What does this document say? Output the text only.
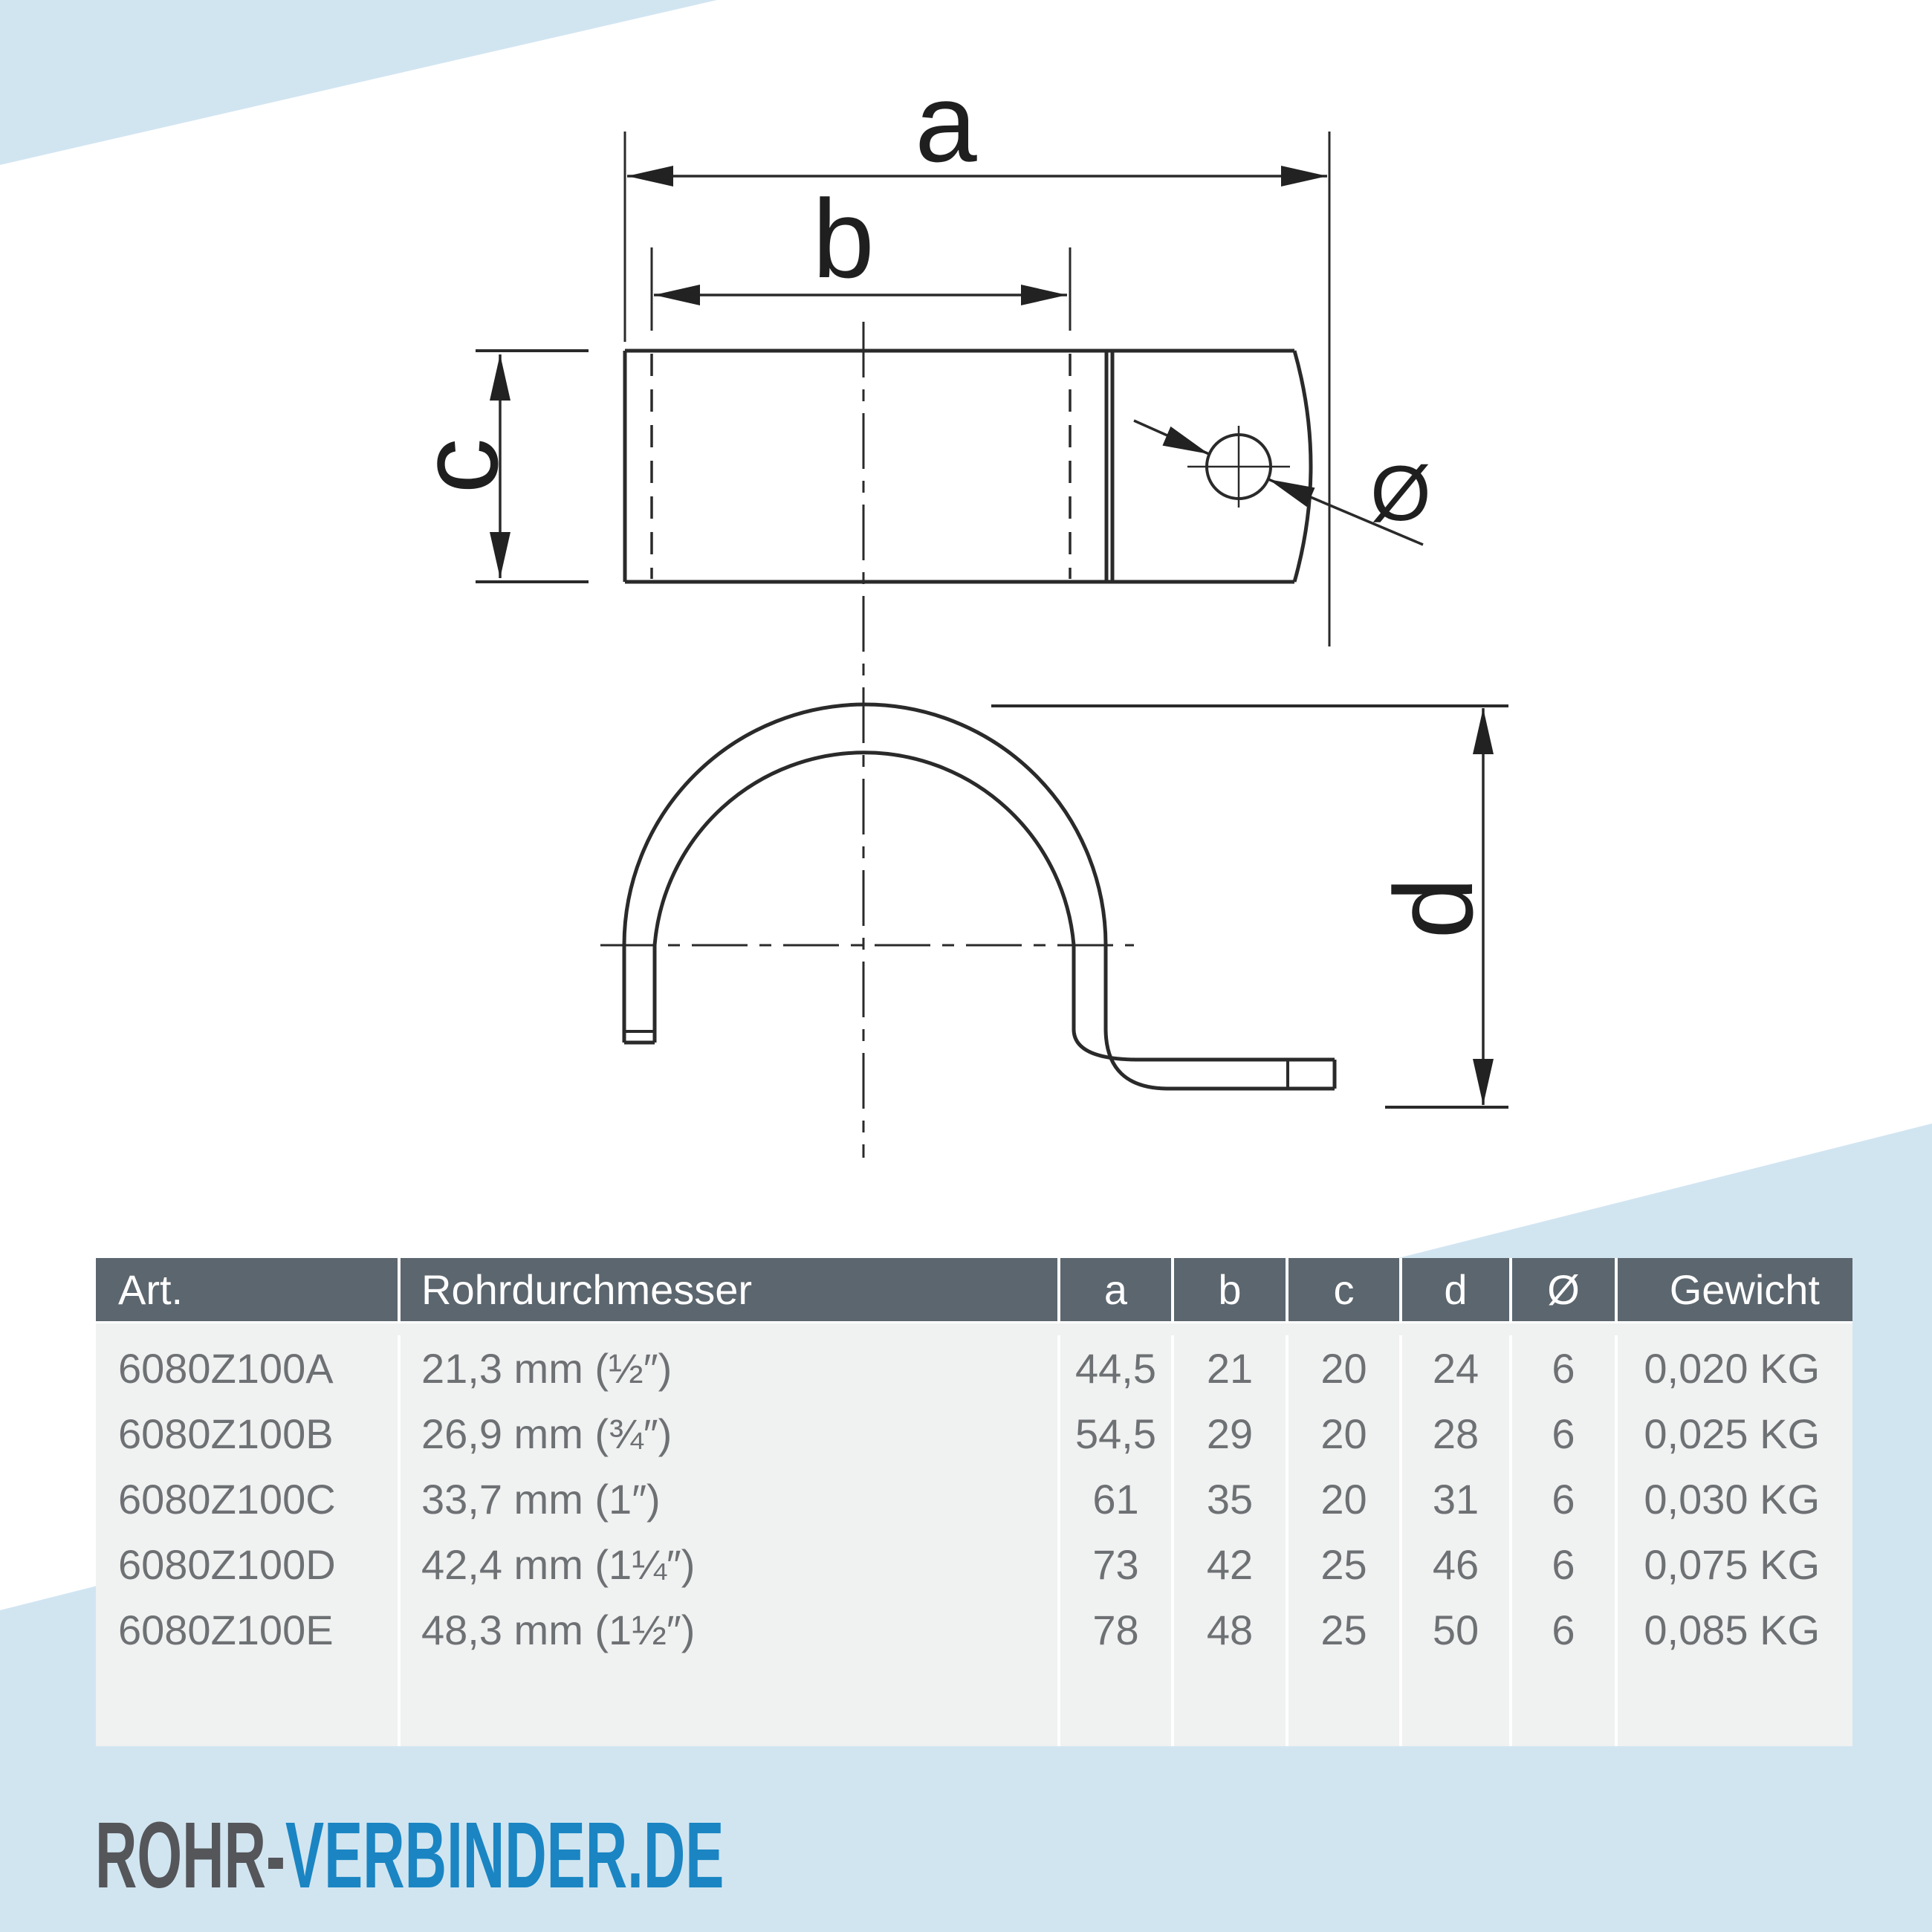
a
b
c	Ø
d
Art.	Rohrdurchmesser	a	b	c	d	Ø	Gewicht
6080Z100A	21,3 mm (½″)	44,5	21	20	24	6	0,020 KG
6080Z100B	26,9 mm (¾″)	54,5	29	20	28	6	0,025 KG
6080Z100C	33,7 mm (1″)	61	35	20	31	6	0,030 KG
6080Z100D	42,4 mm (1¼″)	73	42	25	46	6	0,075 KG
6080Z100E	48,3 mm (1½″)	78	48	25	50	6	0,085 KG
ROHR-VERBINDER.DE
